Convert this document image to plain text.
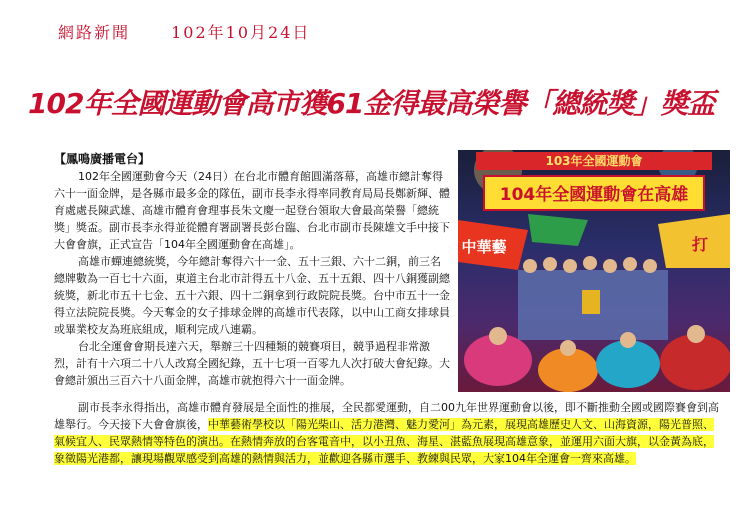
網路新聞	102年10月24日
102年全國運動會高市獲61金得最高榮譽「總統獎」獎盃
【鳳鳴廣播電台】

102年全國運動會今天（24日）在台北市體育館圓滿落幕，高雄市總計奪得六十一面金牌，是各縣市最多金的隊伍，副市長李永得率同教育局局長鄭新輝、體育處處長陳武雄、高雄市體育會理事長朱文慶一起登台領取大會最高榮譽「總統獎」獎盃。副市長李永得並從體育署副署長彭台臨、台北市副市長陳雄文手中接下大會會旗，正式宣告「104年全國運動會在高雄」。

高雄市蟬連總統獎，今年總計奪得六十一金、五十三銀、六十二銅，前三名總牌數為一百七十六面，東道主台北市計得五十八金、五十五銀、四十八銅獲副總統獎，新北市五十七金、五十六銀、四十二銅拿到行政院院長獎。台中市五十一金得立法院院長獎。今天奪金的女子排球金牌的高雄市代表隊，以中山工商女排球員或畢業校友為班底組成，順利完成八連霸。

台北全運會會期長達六天，舉辦三十四種類的競賽項目，競爭過程非常激烈，計有十六項二十八人改寫全國紀錄，五十七項一百零九人次打破大會紀錄。大會總計頒出三百六十八面金牌，高雄市就抱得六十一面金牌。

副市長李永得指出，高雄市體育發展是全面性的推展，全民都愛運動，自二00九年世界運動會以後，即不斷推動全國或國際賽會到高雄舉行。今天接下大會會旗後，中華藝術學校以「陽光柴山、活力港灣、魅力愛河」為元素，展現高雄歷史人文、山海資源，陽光普照、氣候宜人、民眾熱情等特色的演出。在熱情奔放的台客電音中，以小丑魚、海星、湛藍魚展現高雄意象，並運用六面大旗，以金黃為底，象徵陽光港都，讓現場觀眾感受到高雄的熱情與活力，並歡迎各縣市選手、教練與民眾，大家104年全運會一齊來高雄。

103年全國運動會
104年全國運動會在高雄
中華藝	打
